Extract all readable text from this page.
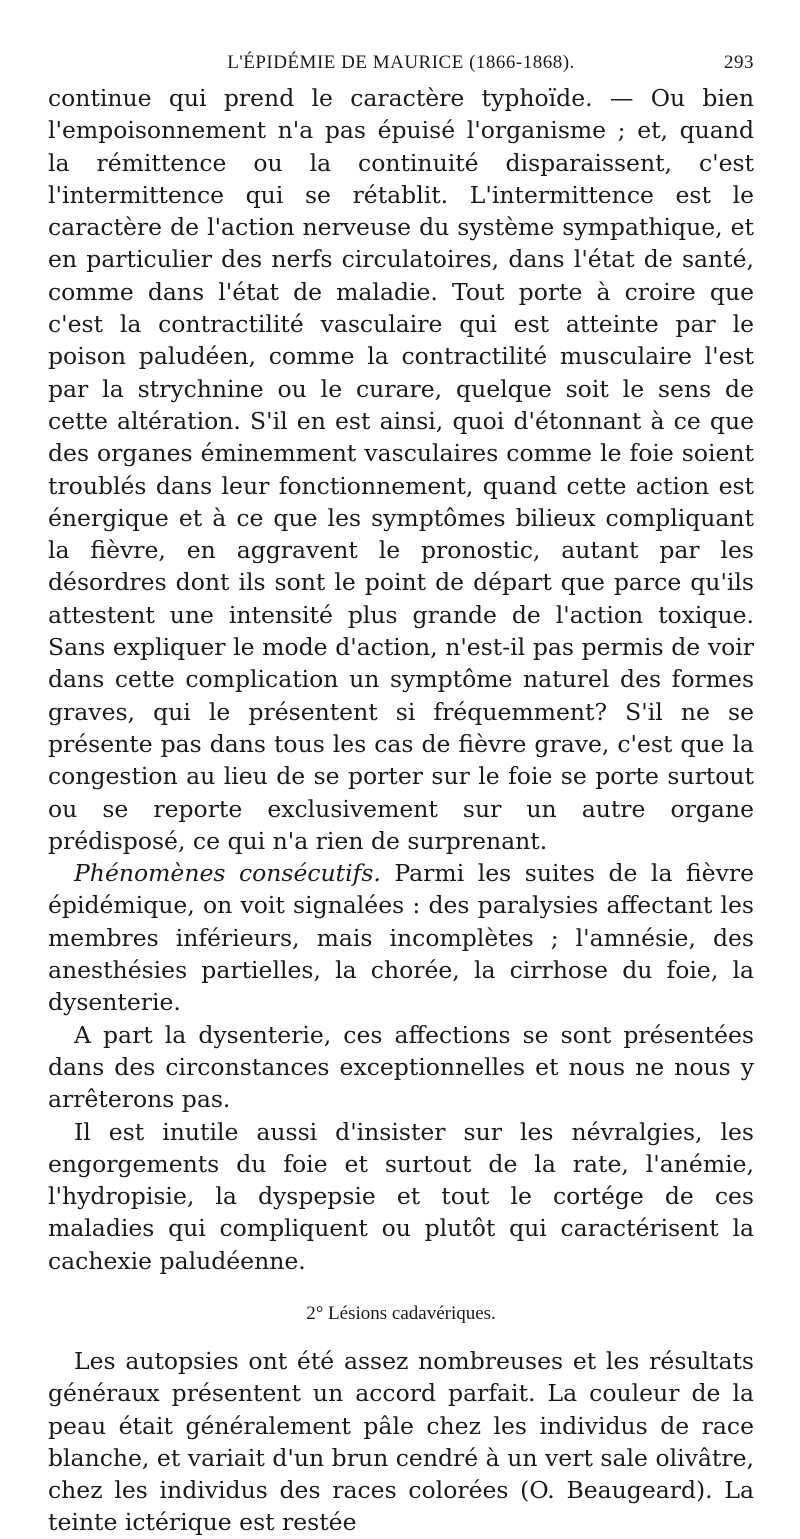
L'ÉPIDÉMIE DE MAURICE (1866-1868).	293

continue qui prend le caractère typhoïde. — Ou bien l'empoisonnement n'a pas épuisé l'organisme ; et, quand la rémittence ou la continuité disparaissent, c'est l'intermittence qui se rétablit. L'intermittence est le caractère de l'action nerveuse du système sympathique, et en particulier des nerfs circulatoires, dans l'état de santé, comme dans l'état de maladie. Tout porte à croire que c'est la contractilité vasculaire qui est atteinte par le poison paludéen, comme la contractilité musculaire l'est par la strychnine ou le curare, quelque soit le sens de cette altération. S'il en est ainsi, quoi d'étonnant à ce que des organes éminemment vasculaires comme le foie soient troublés dans leur fonctionnement, quand cette action est énergique et à ce que les symptômes bilieux compliquant la fièvre, en aggravent le pronostic, autant par les désordres dont ils sont le point de départ que parce qu'ils attestent une intensité plus grande de l'action toxique. Sans expliquer le mode d'action, n'est-il pas permis de voir dans cette complication un symptôme naturel des formes graves, qui le présentent si fréquemment? S'il ne se présente pas dans tous les cas de fièvre grave, c'est que la congestion au lieu de se porter sur le foie se porte surtout ou se reporte exclusivement sur un autre organe prédisposé, ce qui n'a rien de surprenant.

Phénomènes consécutifs. Parmi les suites de la fièvre épidémique, on voit signalées : des paralysies affectant les membres inférieurs, mais incomplètes ; l'amnésie, des anesthésies partielles, la chorée, la cirrhose du foie, la dysenterie.

A part la dysenterie, ces affections se sont présentées dans des circonstances exceptionnelles et nous ne nous y arrêterons pas.

Il est inutile aussi d'insister sur les névralgies, les engorgements du foie et surtout de la rate, l'anémie, l'hydropisie, la dyspepsie et tout le cortége de ces maladies qui compliquent ou plutôt qui caractérisent la cachexie paludéenne.

2° Lésions cadavériques.

Les autopsies ont été assez nombreuses et les résultats généraux présentent un accord parfait. La couleur de la peau était généralement pâle chez les individus de race blanche, et variait d'un brun cendré à un vert sale olivâtre, chez les individus des races colorées (O. Beaugeard). La teinte ictérique est restée
